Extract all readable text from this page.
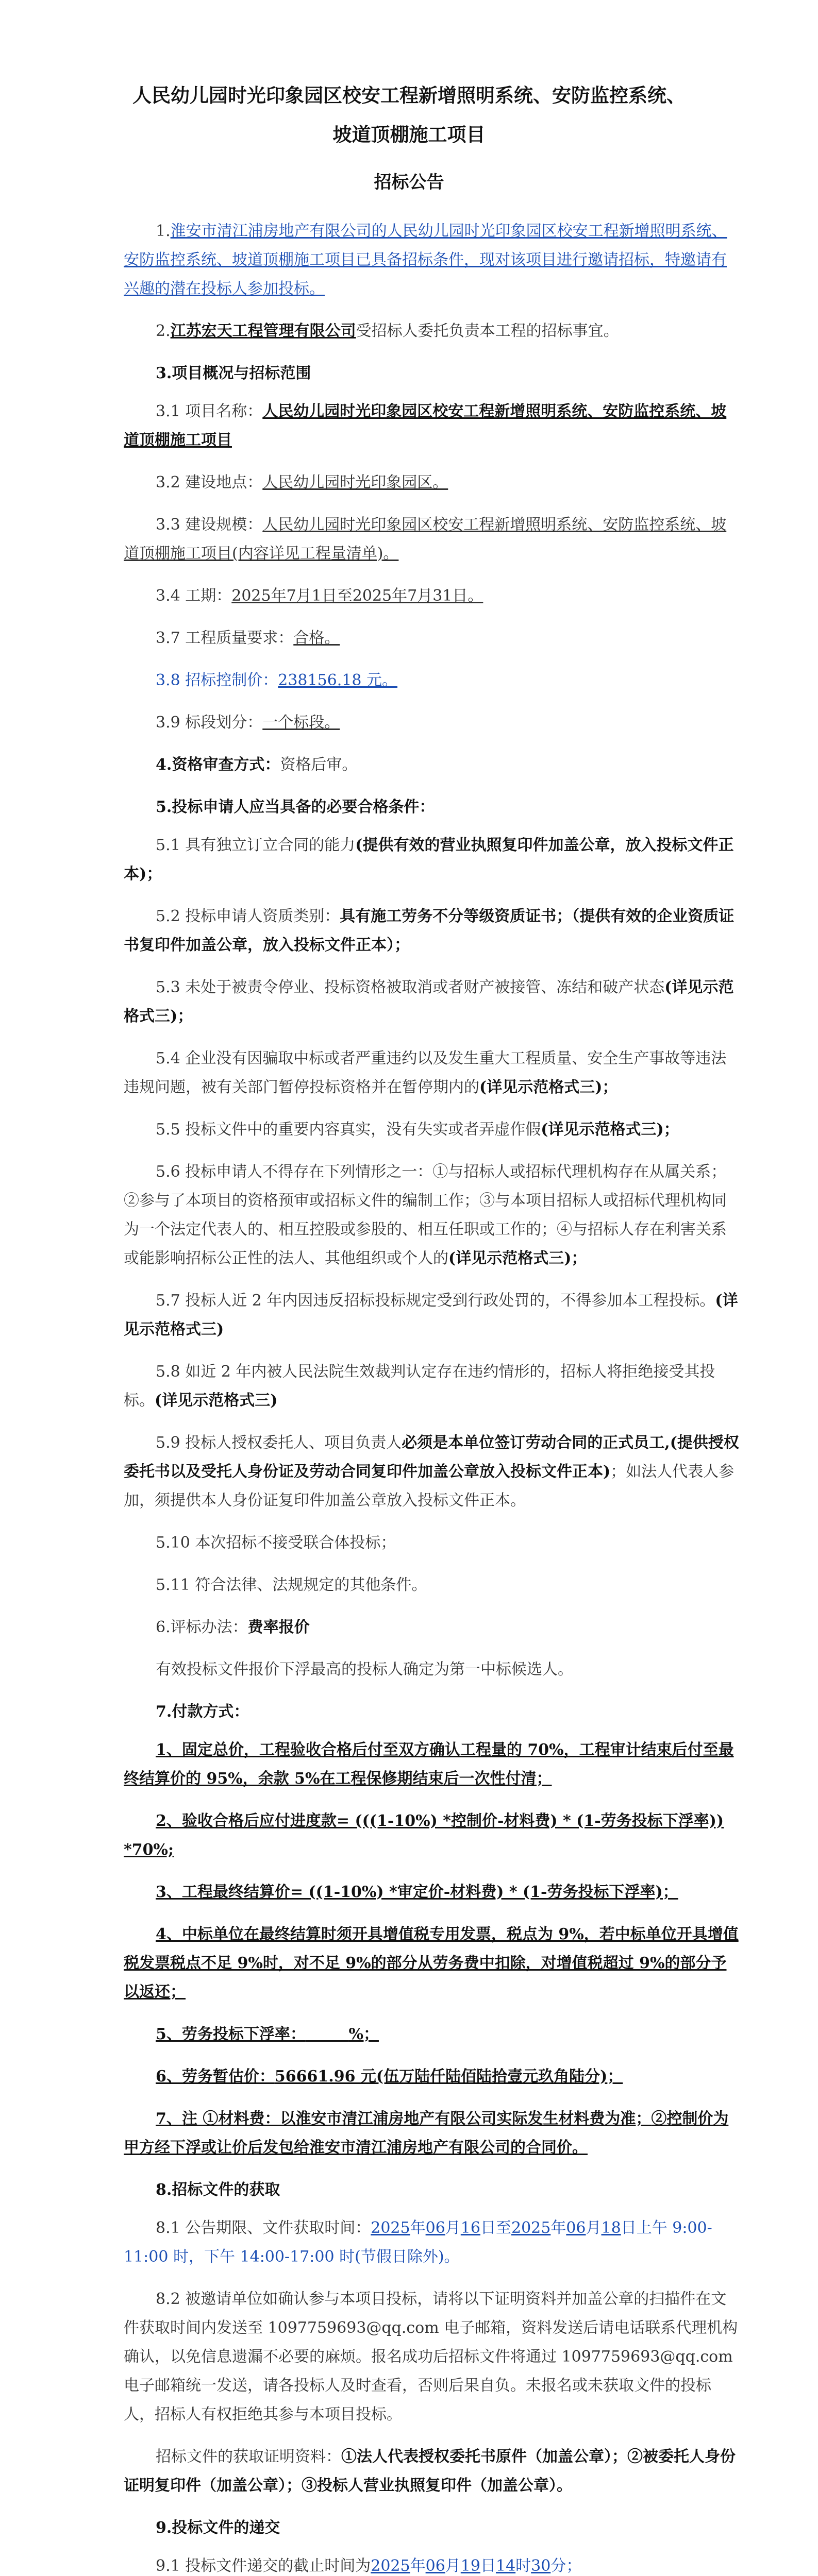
人民幼儿园时光印象园区校安工程新增照明系统、安防监控系统、
坡道顶棚施工项目
招标公告

1.淮安市清江浦房地产有限公司的人民幼儿园时光印象园区校安工程新增照明系统、安防监控系统、坡道顶棚施工项目已具备招标条件，现对该项目进行邀请招标，特邀请有兴趣的潜在投标人参加投标。

2.江苏宏天工程管理有限公司受招标人委托负责本工程的招标事宜。

3.项目概况与招标范围

3.1 项目名称：人民幼儿园时光印象园区校安工程新增照明系统、安防监控系统、坡道顶棚施工项目

3.2 建设地点：人民幼儿园时光印象园区。

3.3 建设规模：人民幼儿园时光印象园区校安工程新增照明系统、安防监控系统、坡道顶棚施工项目(内容详见工程量清单)。

3.4 工期：2025年7月1日至2025年7月31日。

3.7 工程质量要求：合格。

3.8 招标控制价：238156.18 元。

3.9 标段划分：一个标段。

4.资格审查方式：资格后审。

5.投标申请人应当具备的必要合格条件：

5.1 具有独立订立合同的能力(提供有效的营业执照复印件加盖公章，放入投标文件正本)；

5.2 投标申请人资质类别：具有施工劳务不分等级资质证书；（提供有效的企业资质证书复印件加盖公章，放入投标文件正本）；

5.3 未处于被责令停业、投标资格被取消或者财产被接管、冻结和破产状态(详见示范格式三)；

5.4 企业没有因骗取中标或者严重违约以及发生重大工程质量、安全生产事故等违法违规问题，被有关部门暂停投标资格并在暂停期内的(详见示范格式三)；

5.5 投标文件中的重要内容真实，没有失实或者弄虚作假(详见示范格式三)；

5.6 投标申请人不得存在下列情形之一：①与招标人或招标代理机构存在从属关系；②参与了本项目的资格预审或招标文件的编制工作；③与本项目招标人或招标代理机构同为一个法定代表人的、相互控股或参股的、相互任职或工作的；④与招标人存在利害关系或能影响招标公正性的法人、其他组织或个人的(详见示范格式三)；

5.7 投标人近 2 年内因违反招标投标规定受到行政处罚的，不得参加本工程投标。(详见示范格式三)

5.8 如近 2 年内被人民法院生效裁判认定存在违约情形的，招标人将拒绝接受其投标。(详见示范格式三)

5.9 投标人授权委托人、项目负责人必须是本单位签订劳动合同的正式员工,(提供授权委托书以及受托人身份证及劳动合同复印件加盖公章放入投标文件正本)；如法人代表人参加，须提供本人身份证复印件加盖公章放入投标文件正本。

5.10 本次招标不接受联合体投标；

5.11 符合法律、法规规定的其他条件。

6.评标办法：费率报价

有效投标文件报价下浮最高的投标人确定为第一中标候选人。

7.付款方式：

1、固定总价，工程验收合格后付至双方确认工程量的 70%，工程审计结束后付至最终结算价的 95%，余款 5%在工程保修期结束后一次性付清；

2、验收合格后应付进度款= (((1-10%) *控制价-材料费) * (1-劳务投标下浮率)) *70%;

3、工程最终结算价= ((1-10%) *审定价-材料费) * (1-劳务投标下浮率)；

4、中标单位在最终结算时须开具增值税专用发票，税点为 9%，若中标单位开具增值税发票税点不足 9%时，对不足 9%的部分从劳务费中扣除，对增值税超过 9%的部分予以返还；

5、劳务投标下浮率：	%；

6、劳务暂估价：56661.96 元(伍万陆仟陆佰陆拾壹元玖角陆分)；

7、注 ①材料费：以淮安市清江浦房地产有限公司实际发生材料费为准；②控制价为甲方经下浮或让价后发包给淮安市清江浦房地产有限公司的合同价。

8.招标文件的获取

8.1 公告期限、文件获取时间：2025年06月16日至2025年06月18日上午 9:00-11:00 时，下午 14:00-17:00 时(节假日除外)。

8.2 被邀请单位如确认参与本项目投标，请将以下证明资料并加盖公章的扫描件在文件获取时间内发送至 1097759693@qq.com 电子邮箱，资料发送后请电话联系代理机构确认，以免信息遗漏不必要的麻烦。报名成功后招标文件将通过 1097759693@qq.com 电子邮箱统一发送，请各投标人及时查看，否则后果自负。未报名或未获取文件的投标人，招标人有权拒绝其参与本项目投标。

招标文件的获取证明资料：①法人代表授权委托书原件（加盖公章）；②被委托人身份证明复印件（加盖公章）；③投标人营业执照复印件（加盖公章）。

9.投标文件的递交

9.1 投标文件递交的截止时间为2025年06月19日14时30分；
